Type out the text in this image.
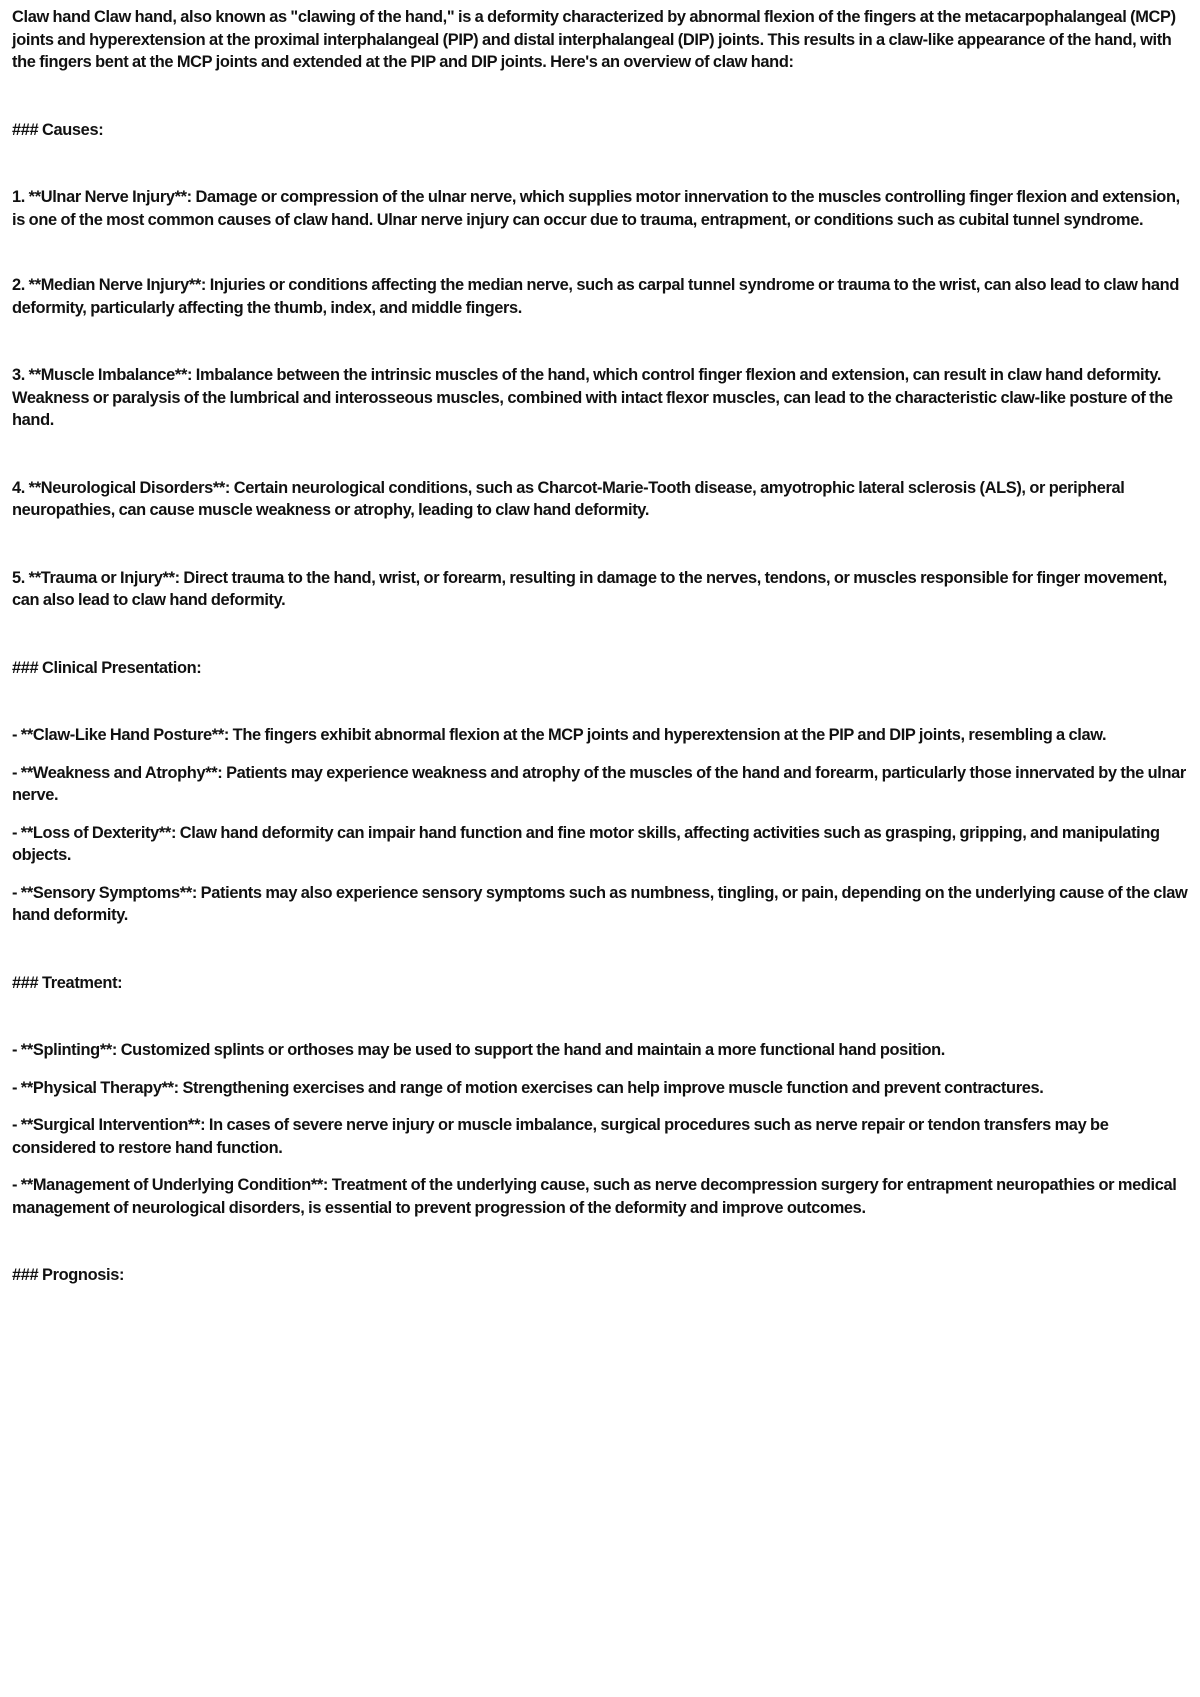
Claw hand Claw hand, also known as "clawing of the hand," is a deformity characterized by abnormal flexion of the fingers at the metacarpophalangeal (MCP) joints and hyperextension at the proximal interphalangeal (PIP) and distal interphalangeal (DIP) joints. This results in a claw-like appearance of the hand, with the fingers bent at the MCP joints and extended at the PIP and DIP joints. Here's an overview of claw hand:

### Causes:

1. **Ulnar Nerve Injury**: Damage or compression of the ulnar nerve, which supplies motor innervation to the muscles controlling finger flexion and extension, is one of the most common causes of claw hand. Ulnar nerve injury can occur due to trauma, entrapment, or conditions such as cubital tunnel syndrome.

2. **Median Nerve Injury**: Injuries or conditions affecting the median nerve, such as carpal tunnel syndrome or trauma to the wrist, can also lead to claw hand deformity, particularly affecting the thumb, index, and middle fingers.

3. **Muscle Imbalance**: Imbalance between the intrinsic muscles of the hand, which control finger flexion and extension, can result in claw hand deformity. Weakness or paralysis of the lumbrical and interosseous muscles, combined with intact flexor muscles, can lead to the characteristic claw-like posture of the hand.

4. **Neurological Disorders**: Certain neurological conditions, such as Charcot-Marie-Tooth disease, amyotrophic lateral sclerosis (ALS), or peripheral neuropathies, can cause muscle weakness or atrophy, leading to claw hand deformity.

5. **Trauma or Injury**: Direct trauma to the hand, wrist, or forearm, resulting in damage to the nerves, tendons, or muscles responsible for finger movement, can also lead to claw hand deformity.

### Clinical Presentation:

- **Claw-Like Hand Posture**: The fingers exhibit abnormal flexion at the MCP joints and hyperextension at the PIP and DIP joints, resembling a claw.

- **Weakness and Atrophy**: Patients may experience weakness and atrophy of the muscles of the hand and forearm, particularly those innervated by the ulnar nerve.

- **Loss of Dexterity**: Claw hand deformity can impair hand function and fine motor skills, affecting activities such as grasping, gripping, and manipulating objects.

- **Sensory Symptoms**: Patients may also experience sensory symptoms such as numbness, tingling, or pain, depending on the underlying cause of the claw hand deformity.

### Treatment:

- **Splinting**: Customized splints or orthoses may be used to support the hand and maintain a more functional hand position.

- **Physical Therapy**: Strengthening exercises and range of motion exercises can help improve muscle function and prevent contractures.

- **Surgical Intervention**: In cases of severe nerve injury or muscle imbalance, surgical procedures such as nerve repair or tendon transfers may be considered to restore hand function.

- **Management of Underlying Condition**: Treatment of the underlying cause, such as nerve decompression surgery for entrapment neuropathies or medical management of neurological disorders, is essential to prevent progression of the deformity and improve outcomes.

### Prognosis:
